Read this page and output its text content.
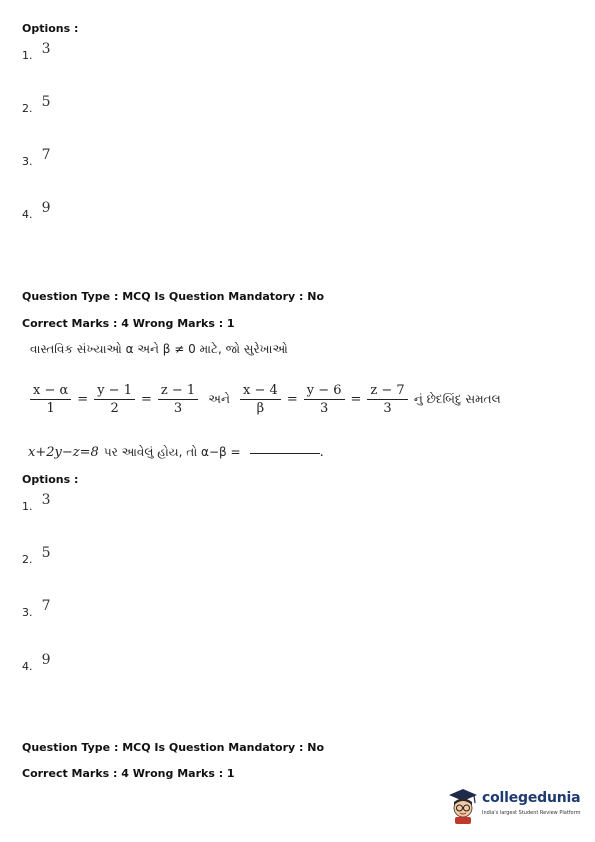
Options :
1. 3
2. 5
3. 7
4. 9
Question Type : MCQ Is Question Mandatory : No
Correct Marks : 4 Wrong Marks : 1
વાસ્તવિક સંખ્યાઓ α અને β ≠ 0 માટે, જો સુરેખાઓ
$\frac{x - \alpha}{1} = \frac{y - 1}{2} = \frac{z - 1}{3}$ અને $\frac{x - 4}{\beta} = \frac{y - 6}{3} = \frac{z - 7}{3}$ નું છેદબિંદુ સમતલ
x+2y−z=8 પર આવેલું હોય, તો α−β =	.
Options :
1. 3
2. 5
3. 7
4. 9
Question Type : MCQ Is Question Mandatory : No
Correct Marks : 4 Wrong Marks : 1
collegedunia
India's largest Student Review Platform
